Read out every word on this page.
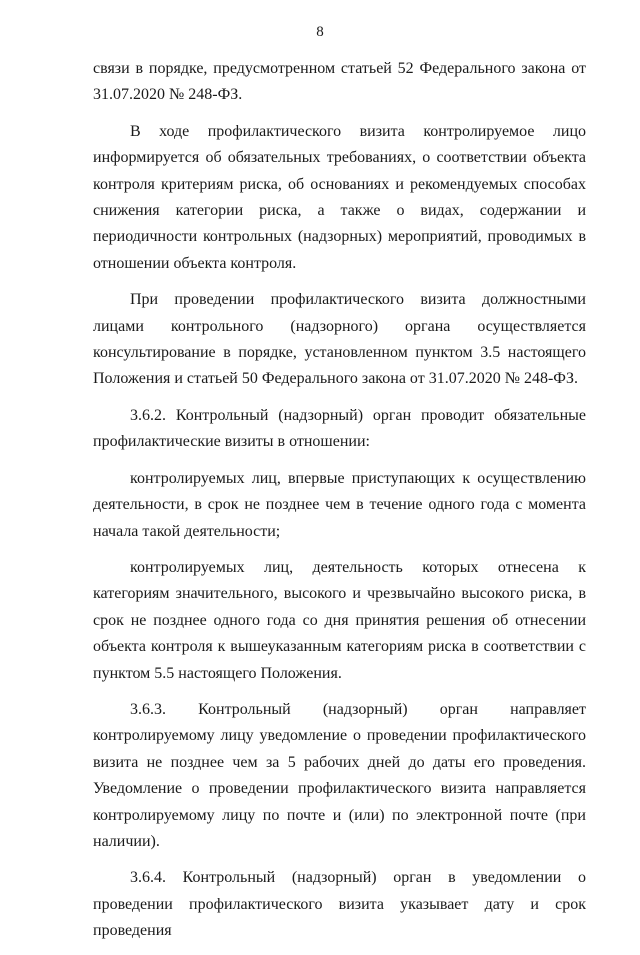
8

связи в порядке, предусмотренном статьей 52 Федерального закона от 31.07.2020 № 248-ФЗ.

В ходе профилактического визита контролируемое лицо информируется об обязательных требованиях, о соответствии объекта контроля критериям риска, об основаниях и рекомендуемых способах снижения категории риска, а также о видах, содержании и периодичности контрольных (надзорных) мероприятий, проводимых в отношении объекта контроля.

При проведении профилактического визита должностными лицами контрольного (надзорного) органа осуществляется консультирование в порядке, установленном пунктом 3.5 настоящего Положения и статьей 50 Федерального закона от 31.07.2020 № 248-ФЗ.

3.6.2. Контрольный (надзорный) орган проводит обязательные профилактические визиты в отношении:

контролируемых лиц, впервые приступающих к осуществлению деятельности, в срок не позднее чем в течение одного года с момента начала такой деятельности;

контролируемых лиц, деятельность которых отнесена к категориям значительного, высокого и чрезвычайно высокого риска, в срок не позднее одного года со дня принятия решения об отнесении объекта контроля к вышеуказанным категориям риска в соответствии с пунктом 5.5 настоящего Положения.

3.6.3. Контрольный (надзорный) орган направляет контролируемому лицу уведомление о проведении профилактического визита не позднее чем за 5 рабочих дней до даты его проведения. Уведомление о проведении профилактического визита направляется контролируемому лицу по почте и (или) по электронной почте (при наличии).

3.6.4. Контрольный (надзорный) орган в уведомлении о проведении профилактического визита указывает дату и срок проведения
